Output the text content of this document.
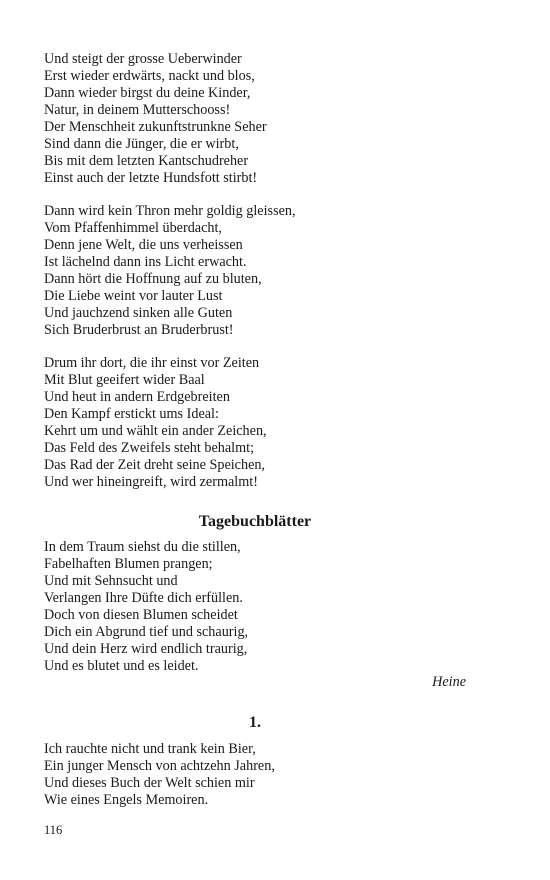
Und steigt der grosse Ueberwinder
Erst wieder erdwärts, nackt und blos,
Dann wieder birgst du deine Kinder,
Natur, in deinem Mutterschooss!
Der Menschheit zukunftstrunkne Seher
Sind dann die Jünger, die er wirbt,
Bis mit dem letzten Kantschudreher
Einst auch der letzte Hundsfott stirbt!
Dann wird kein Thron mehr goldig gleissen,
Vom Pfaffenhimmel überdacht,
Denn jene Welt, die uns verheissen
Ist lächelnd dann ins Licht erwacht.
Dann hört die Hoffnung auf zu bluten,
Die Liebe weint vor lauter Lust
Und jauchzend sinken alle Guten
Sich Bruderbrust an Bruderbrust!
Drum ihr dort, die ihr einst vor Zeiten
Mit Blut geeifert wider Baal
Und heut in andern Erdgebreiten
Den Kampf erstickt ums Ideal:
Kehrt um und wählt ein ander Zeichen,
Das Feld des Zweifels steht behalmt;
Das Rad der Zeit dreht seine Speichen,
Und wer hineingreift, wird zermalmt!
Tagebuchblätter
In dem Traum siehst du die stillen,
Fabelhaften Blumen prangen;
Und mit Sehnsucht und
Verlangen Ihre Düfte dich erfüllen.
Doch von diesen Blumen scheidet
Dich ein Abgrund tief und schaurig,
Und dein Herz wird endlich traurig,
Und es blutet und es leidet.
Heine
1.
Ich rauchte nicht und trank kein Bier,
Ein junger Mensch von achtzehn Jahren,
Und dieses Buch der Welt schien mir
Wie eines Engels Memoiren.
116
